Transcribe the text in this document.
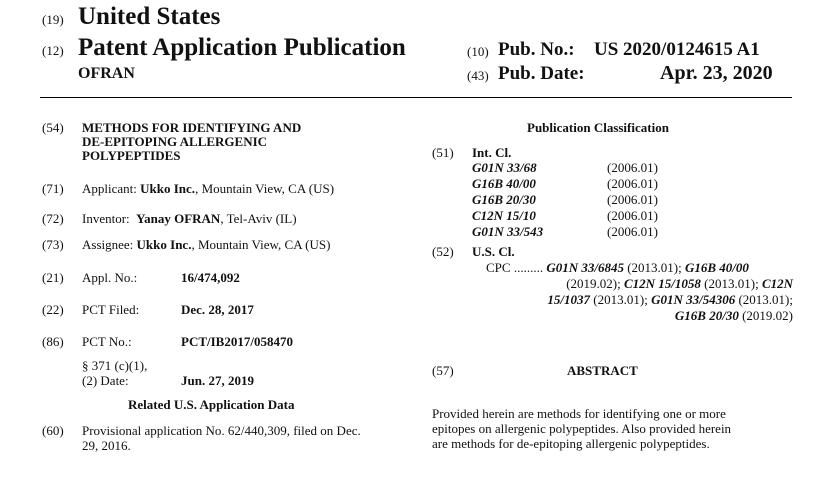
(19) United States
(12) Patent Application Publication
OFRAN
(10) Pub. No.: US 2020/0124615 A1
(43) Pub. Date:	Apr. 23, 2020
(54) METHODS FOR IDENTIFYING AND
DE-EPITOPING ALLERGENIC
POLYPEPTIDES
(71) Applicant: Ukko Inc., Mountain View, CA (US)
(72) Inventor: Yanay OFRAN, Tel-Aviv (IL)
(73) Assignee: Ukko Inc., Mountain View, CA (US)
(21) Appl. No.:	16/474,092
(22) PCT Filed:	Dec. 28, 2017
(86) PCT No.:	PCT/IB2017/058470
§ 371 (c)(1),
(2) Date:	Jun. 27, 2019
Related U.S. Application Data
(60) Provisional application No. 62/440,309, filed on Dec.
29, 2016.
Publication Classification
(51) Int. Cl.
G01N 33/68	(2006.01)
G16B 40/00	(2006.01)
G16B 20/30	(2006.01)
C12N 15/10	(2006.01)
G01N 33/543	(2006.01)
(52) U.S. Cl.
CPC ......... G01N 33/6845 (2013.01); G16B 40/00
(2019.02); C12N 15/1058 (2013.01); C12N
15/1037 (2013.01); G01N 33/54306 (2013.01);
G16B 20/30 (2019.02)
(57)	ABSTRACT
Provided herein are methods for identifying one or more
epitopes on allergenic polypeptides. Also provided herein
are methods for de-epitoping allergenic polypeptides.
